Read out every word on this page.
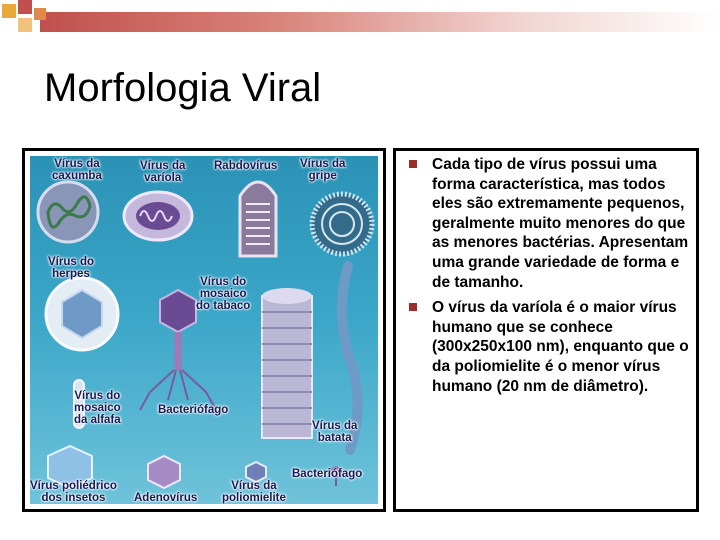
Morfologia Viral
Vírus da
caxumba
Vírus da
varíola
Rabdovírus Vírus da
gripe
Vírus do
herpes
Vírus do
mosaico
do tabaco
Vírus do
mosaico
da alfafa
Bacteriófago
Vírus da
batata
Vírus poliédrico
dos insetos	Adenovírus
Vírus da
poliomielite
Bacteriófago
Cada tipo de vírus possui uma forma característica, mas todos eles são extremamente pequenos, geralmente muito menores do que as menores bactérias. Apresentam uma grande variedade de forma e de tamanho.
O vírus da varíola é o maior vírus humano que se conhece (300x250x100 nm), enquanto que o da poliomielite é o menor vírus humano (20 nm de diâmetro).
